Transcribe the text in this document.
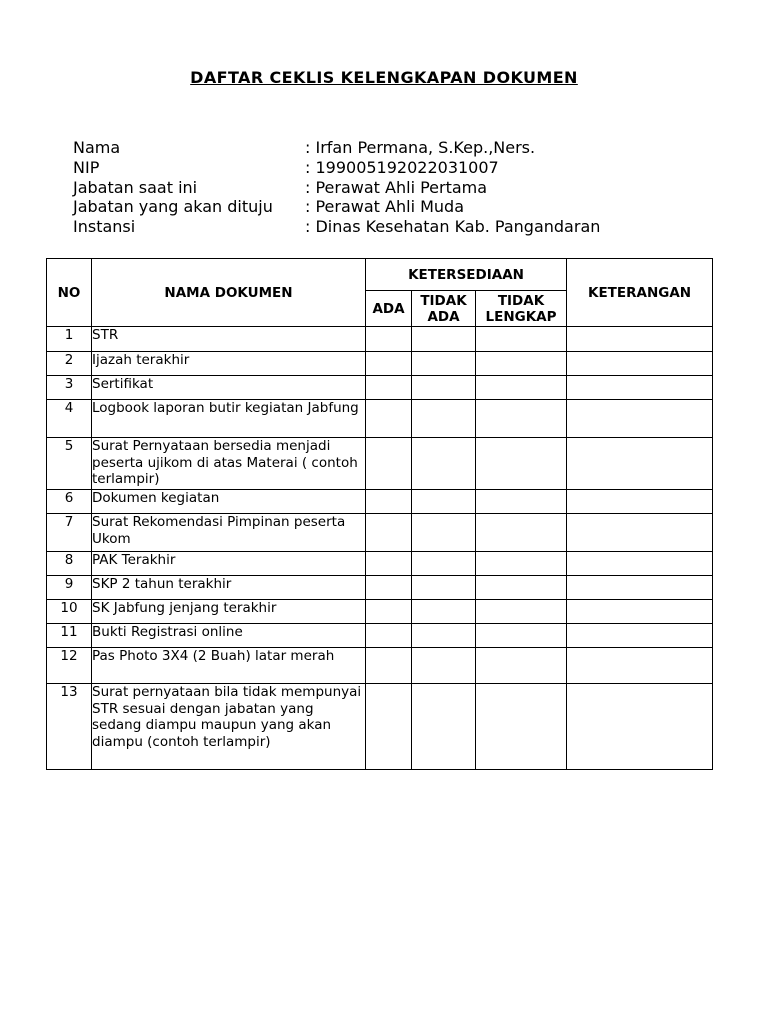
DAFTAR CEKLIS KELENGKAPAN DOKUMEN
Nama	: Irfan Permana, S.Kep.,Ners.
NIP	: 199005192022031007
Jabatan saat ini	: Perawat Ahli Pertama
Jabatan yang akan dituju	: Perawat Ahli Muda
Instansi	: Dinas Kesehatan Kab. Pangandaran
NO	NAMA DOKUMEN	KETERSEDIAAN			KETERANGAN
		ADA	TIDAK ADA	TIDAK LENGKAP	
1	STR				
2	Ijazah terakhir				
3	Sertifikat				
4	Logbook laporan butir kegiatan Jabfung				
5	Surat Pernyataan bersedia menjadi peserta ujikom di atas Materai ( contoh terlampir)				
6	Dokumen kegiatan				
7	Surat Rekomendasi Pimpinan peserta Ukom				
8	PAK Terakhir				
9	SKP 2 tahun terakhir				
10	SK Jabfung jenjang terakhir				
11	Bukti Registrasi online				
12	Pas Photo 3X4 (2 Buah) latar merah				
13	Surat pernyataan bila tidak mempunyai STR sesuai dengan jabatan yang sedang diampu maupun yang akan diampu (contoh terlampir)				
